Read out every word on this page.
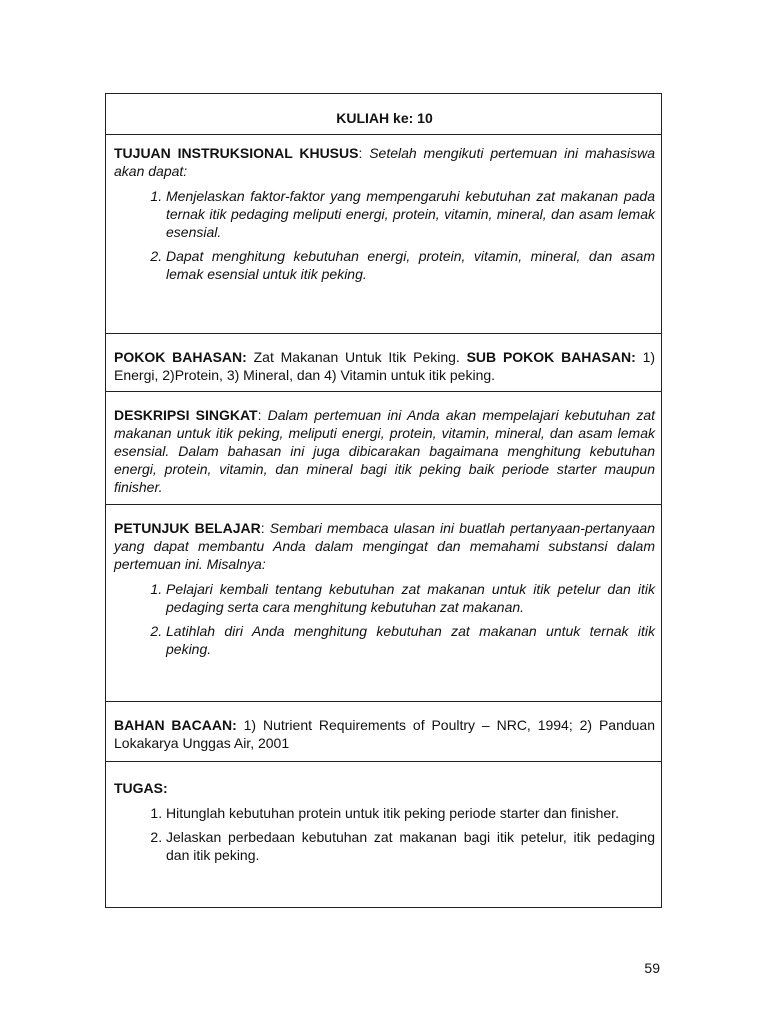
KULIAH ke: 10
TUJUAN INSTRUKSIONAL KHUSUS: Setelah mengikuti pertemuan ini mahasiswa akan dapat:
1. Menjelaskan faktor-faktor yang mempengaruhi kebutuhan zat makanan pada ternak itik pedaging meliputi energi, protein, vitamin, mineral, dan asam lemak esensial.
2. Dapat menghitung kebutuhan energi, protein, vitamin, mineral, dan asam lemak esensial untuk itik peking.
POKOK BAHASAN: Zat Makanan Untuk Itik Peking. SUB POKOK BAHASAN: 1) Energi, 2)Protein, 3) Mineral, dan 4) Vitamin untuk itik peking.
DESKRIPSI SINGKAT: Dalam pertemuan ini Anda akan mempelajari kebutuhan zat makanan untuk itik peking, meliputi energi, protein, vitamin, mineral, dan asam lemak esensial. Dalam bahasan ini juga dibicarakan bagaimana menghitung kebutuhan energi, protein, vitamin, dan mineral bagi itik peking baik periode starter maupun finisher.
PETUNJUK BELAJAR: Sembari membaca ulasan ini buatlah pertanyaan-pertanyaan yang dapat membantu Anda dalam mengingat dan memahami substansi dalam pertemuan ini. Misalnya:
1. Pelajari kembali tentang kebutuhan zat makanan untuk itik petelur dan itik pedaging serta cara menghitung kebutuhan zat makanan.
2. Latihlah diri Anda menghitung kebutuhan zat makanan untuk ternak itik peking.
BAHAN BACAAN: 1) Nutrient Requirements of Poultry – NRC, 1994; 2) Panduan Lokakarya Unggas Air, 2001
TUGAS:
1. Hitunglah kebutuhan protein untuk itik peking periode starter dan finisher.
2. Jelaskan perbedaan kebutuhan zat makanan bagi itik petelur, itik pedaging dan itik peking.
59
